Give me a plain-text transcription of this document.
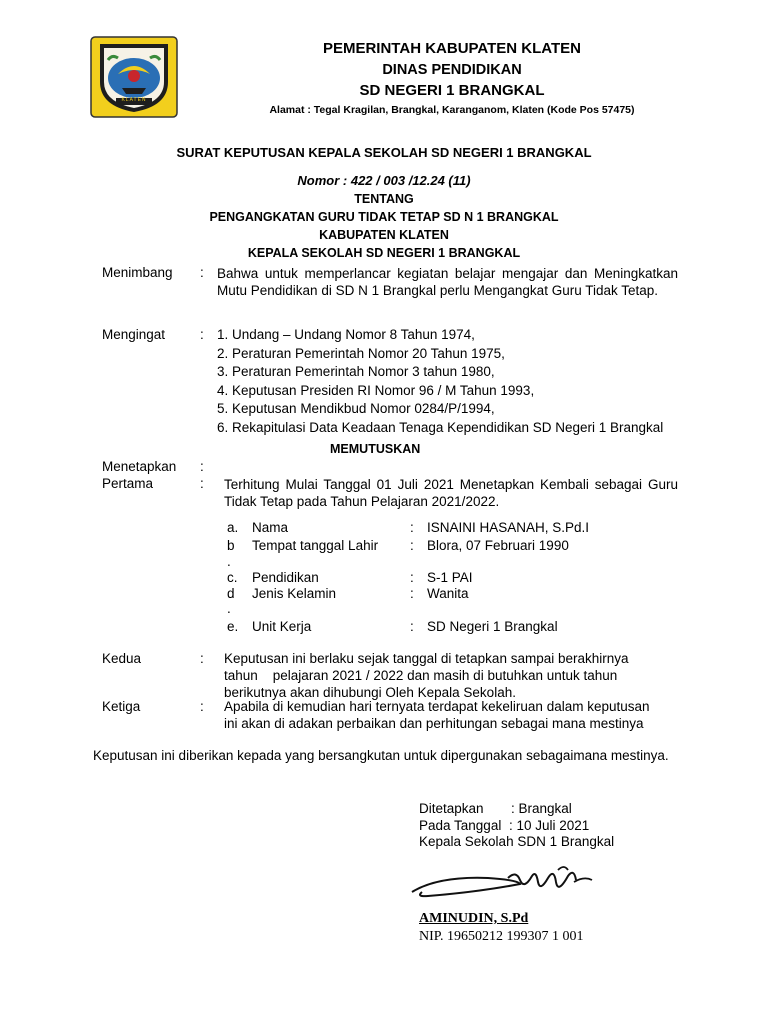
KLATEN
PEMERINTAH KABUPATEN KLATEN
DINAS PENDIDIKAN
SD NEGERI 1 BRANGKAL
Alamat : Tegal Kragilan, Brangkal, Karanganom, Klaten (Kode Pos 57475)
SURAT KEPUTUSAN KEPALA SEKOLAH SD NEGERI 1 BRANGKAL
Nomor : 422 / 003 /12.24 (11)
TENTANG
PENGANGKATAN GURU TIDAK TETAP SD N 1 BRANGKAL
KABUPATEN KLATEN
KEPALA SEKOLAH SD NEGERI 1 BRANGKAL
Menimbang : Bahwa untuk memperlancar kegiatan belajar mengajar dan Meningkatkan Mutu Pendidikan di SD N 1 Brangkal perlu Mengangkat Guru Tidak Tetap.
Mengingat	: 1. Undang – Undang Nomor 8 Tahun 1974,
2. Peraturan Pemerintah Nomor 20 Tahun 1975,
3. Peraturan Pemerintah Nomor 3 tahun 1980,
4. Keputusan Presiden RI Nomor 96 / M Tahun 1993,
5. Keputusan Mendikbud Nomor 0284/P/1994,
6. Rekapitulasi Data Keadaan Tenaga Kependidikan SD Negeri 1 Brangkal
MEMUTUSKAN
Menetapkan :
Pertama	: Terhitung Mulai Tanggal 01 Juli 2021 Menetapkan Kembali sebagai Guru Tidak Tetap pada Tahun Pelajaran 2021/2022.
a. Nama	: ISNAINI HASANAH, S.Pd.I
b Tempat tanggal Lahir : Blora, 07 Februari 1990
.
c. Pendidikan	: S-1 PAI
d Jenis Kelamin	: Wanita
.
e. Unit Kerja	: SD Negeri 1 Brangkal
Kedua	: Keputusan ini berlaku sejak tanggal di tetapkan sampai berakhirnya
tahun    pelajaran 2021 / 2022 dan masih di butuhkan untuk tahun
berikutnya akan dihubungi Oleh Kepala Sekolah.
Ketiga	: Apabila di kemudian hari ternyata terdapat kekeliruan dalam keputusan
ini akan di adakan perbaikan dan perhitungan sebagai mana mestinya
Keputusan ini diberikan kepada yang bersangkutan untuk dipergunakan sebagaimana mestinya.
Ditetapkan : Brangkal
Pada Tanggal : 10 Juli 2021
Kepala Sekolah SDN 1 Brangkal
AMINUDIN, S.Pd
NIP. 19650212 199307 1 001
